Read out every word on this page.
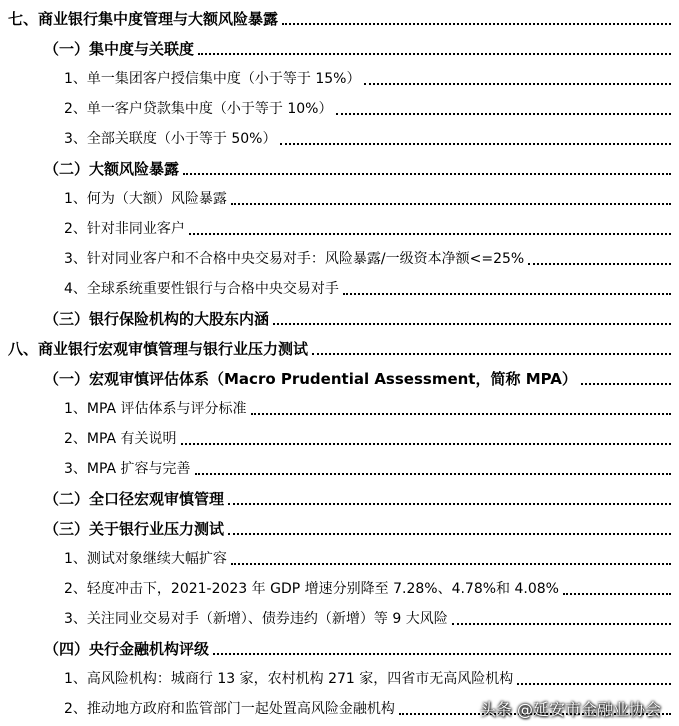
七、商业银行集中度管理与大额风险暴露
（一）集中度与关联度
1、单一集团客户授信集中度（小于等于 15%）
2、单一客户贷款集中度（小于等于 10%）
3、全部关联度（小于等于 50%）
（二）大额风险暴露
1、何为（大额）风险暴露
2、针对非同业客户
3、针对同业客户和不合格中央交易对手：风险暴露/一级资本净额<=25%
4、全球系统重要性银行与合格中央交易对手
（三）银行保险机构的大股东内涵
八、商业银行宏观审慎管理与银行业压力测试
（一）宏观审慎评估体系（Macro Prudential Assessment，简称 MPA）
1、MPA 评估体系与评分标准
2、MPA 有关说明
3、MPA 扩容与完善
（二）全口径宏观审慎管理
（三）关于银行业压力测试
1、测试对象继续大幅扩容
2、轻度冲击下，2021-2023 年 GDP 增速分别降至 7.28%、4.78%和 4.08%
3、关注同业交易对手（新增）、债券违约（新增）等 9 大风险
（四）央行金融机构评级
1、高风险机构：城商行 13 家，农村机构 271 家，四省市无高风险机构
2、推动地方政府和监管部门一起处置高风险金融机构	头条 @延安市金融业协会
